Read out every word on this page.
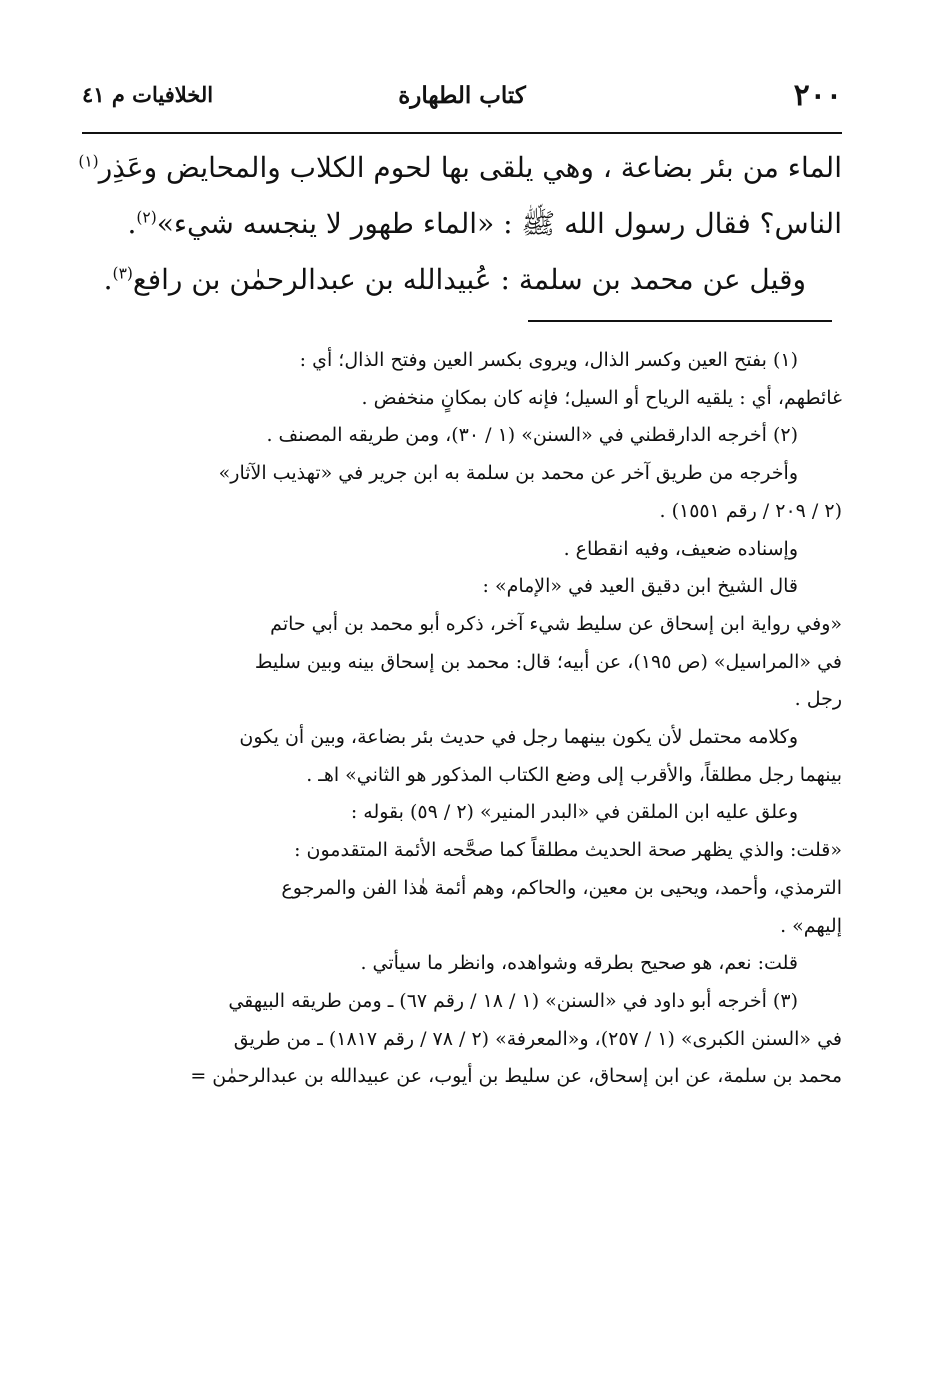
٢٠٠
كتاب الطهارة
الخلافيات م ٤١

الماء من بئر بضاعة ، وهي يلقى بها لحوم الكلاب والمحايض وعَذِر$^{(١)}$

الناس؟ فقال رسول الله ﷺ : «الماء طهور لا ينجسه شيء»$^{(٢)}$.

وقيل عن محمد بن سلمة : عُبيدالله بن عبدالرحمٰن بن رافع$^{(٣)}$.

(١) بفتح العين وكسر الذال، ويروى بكسر العين وفتح الذال؛ أي :

غائطهم، أي : يلقيه الرياح أو السيل؛ فإنه كان بمكانٍ منخفض .

(٢) أخرجه الدارقطني في «السنن» (١ / ٣٠)، ومن طريقه المصنف .

وأخرجه من طريق آخر عن محمد بن سلمة به ابن جرير في «تهذيب الآثار»

(٢ / ٢٠٩ / رقم ١٥٥١) .

وإسناده ضعيف، وفيه انقطاع .

قال الشيخ ابن دقيق العيد في «الإمام» :

«وفي رواية ابن إسحاق عن سليط شيء آخر، ذكره أبو محمد بن أبي حاتم

في «المراسيل» (ص ١٩٥)، عن أبيه؛ قال: محمد بن إسحاق بينه وبين سليط

رجل .

وكلامه محتمل لأن يكون بينهما رجل في حديث بئر بضاعة، وبين أن يكون

بينهما رجل مطلقاً، والأقرب إلى وضع الكتاب المذكور هو الثاني» اهـ .

وعلق عليه ابن الملقن في «البدر المنير» (٢ / ٥٩) بقوله :

«قلت: والذي يظهر صحة الحديث مطلقاً كما صحَّحه الأئمة المتقدمون :

الترمذي، وأحمد، ويحيى بن معين، والحاكم، وهم أئمة هٰذا الفن والمرجوع

إليهم» .

قلت: نعم، هو صحيح بطرقه وشواهده، وانظر ما سيأتي .

(٣) أخرجه أبو داود في «السنن» (١ / ١٨ / رقم ٦٧) ـ ومن طريقه البيهقي

في «السنن الكبرى» (١ / ٢٥٧)، و«المعرفة» (٢ / ٧٨ / رقم ١٨١٧) ـ من طريق

محمد بن سلمة، عن ابن إسحاق، عن سليط بن أيوب، عن عبيدالله بن عبدالرحمٰن =
